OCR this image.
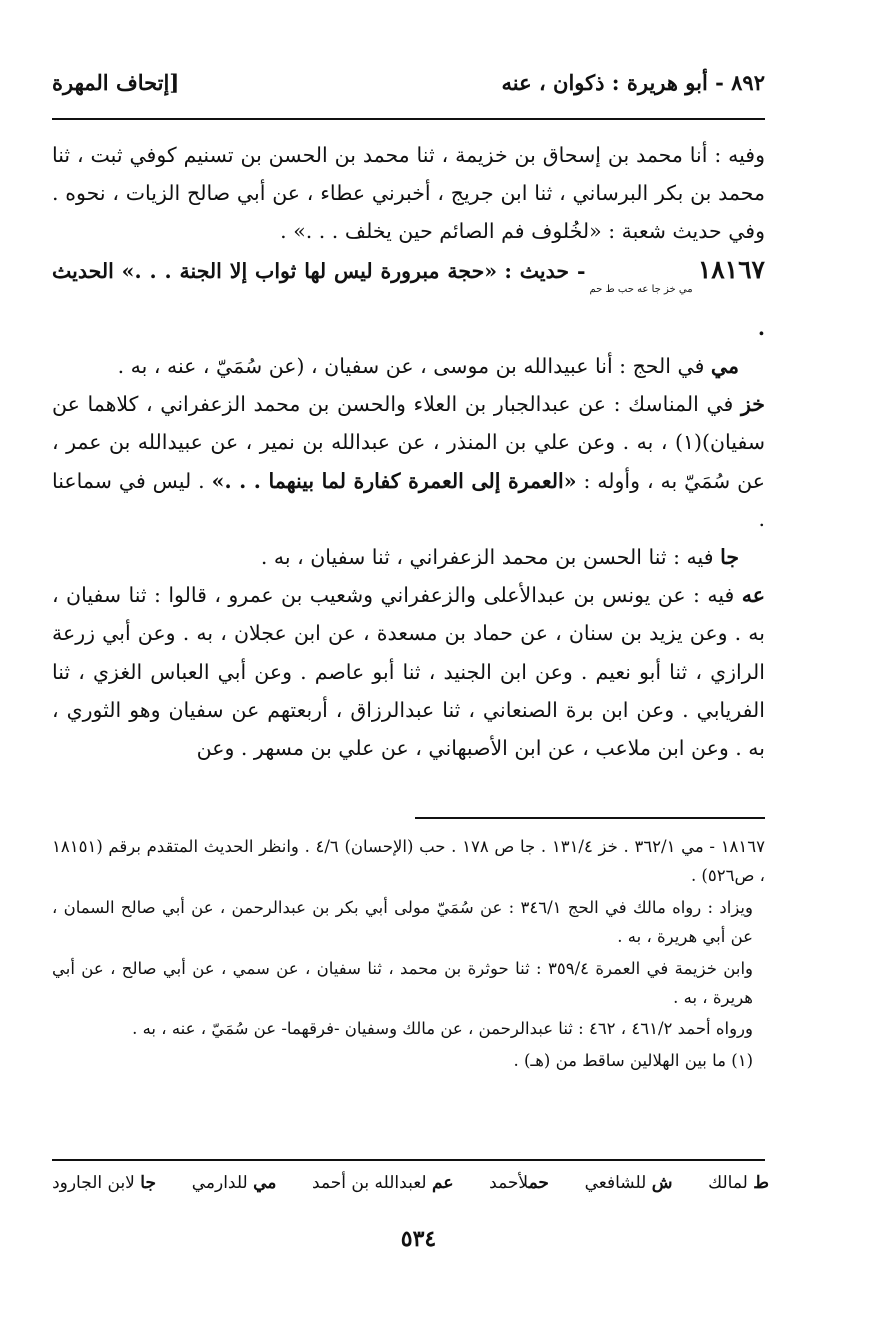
٨٩٢ - أبو هريرة : ذكوان ، عنه
[إتحاف المهرة

وفيه : أنا محمد بن إسحاق بن خزيمة ، ثنا محمد بن الحسن بن تسنيم كوفي ثبت ، ثنا محمد بن بكر البرساني ، ثنا ابن جريج ، أخبرني عطاء ، عن أبي صالح الزيات ، نحوه . وفي حديث شعبة : «لخُلوف فم الصائم حين يخلف . . .» .

١٨١٦٧ مي خز جا عه حب ط حم- حديث : «حجة مبرورة ليس لها ثواب إلا الجنة . . .» الحديث .

مي في الحج : أنا عبيدالله بن موسى ، عن سفيان ، (عن سُمَيّ ، عنه ، به .

خز في المناسك : عن عبدالجبار بن العلاء والحسن بن محمد الزعفراني ، كلاهما عن سفيان)(١) ، به . وعن علي بن المنذر ، عن عبدالله بن نمير ، عن عبيدالله بن عمر ، عن سُمَيّ به ، وأوله : «العمرة إلى العمرة كفارة لما بينهما . . .» . ليس في سماعنا .

جا فيه : ثنا الحسن بن محمد الزعفراني ، ثنا سفيان ، به .

عه فيه : عن يونس بن عبدالأعلى والزعفراني وشعيب بن عمرو ، قالوا : ثنا سفيان ، به . وعن يزيد بن سنان ، عن حماد بن مسعدة ، عن ابن عجلان ، به . وعن أبي زرعة الرازي ، ثنا أبو نعيم . وعن ابن الجنيد ، ثنا أبو عاصم . وعن أبي العباس الغزي ، ثنا الفريابي . وعن ابن برة الصنعاني ، ثنا عبدالرزاق ، أربعتهم عن سفيان وهو الثوري ، به . وعن ابن ملاعب ، عن ابن الأصبهاني ، عن علي بن مسهر . وعن

١٨١٦٧ - مي ٣٦٢/١ . خز ١٣١/٤ . جا ص ١٧٨ . حب (الإحسان) ٤/٦ . وانظر الحديث المتقدم برقم (١٨١٥١ ، ص٥٢٦) .

ويزاد : رواه مالك في الحج ٣٤٦/١ : عن سُمَيّ مولى أبي بكر بن عبدالرحمن ، عن أبي صالح السمان ، عن أبي هريرة ، به .

وابن خزيمة في العمرة ٣٥٩/٤ : ثنا حوثرة بن محمد ، ثنا سفيان ، عن سمي ، عن أبي صالح ، عن أبي هريرة ، به .

ورواه أحمد ٤٦١/٢ ، ٤٦٢ : ثنا عبدالرحمن ، عن مالك وسفيان -فرقهما- عن سُمَيّ ، عنه ، به .

(١) ما بين الهلالين ساقط من (هـ) .

ط لمالك
ش للشافعي
حملأحمد
عم لعبدالله بن أحمد
مي للدارمي
جا لابن الجارود
٥٣٤
